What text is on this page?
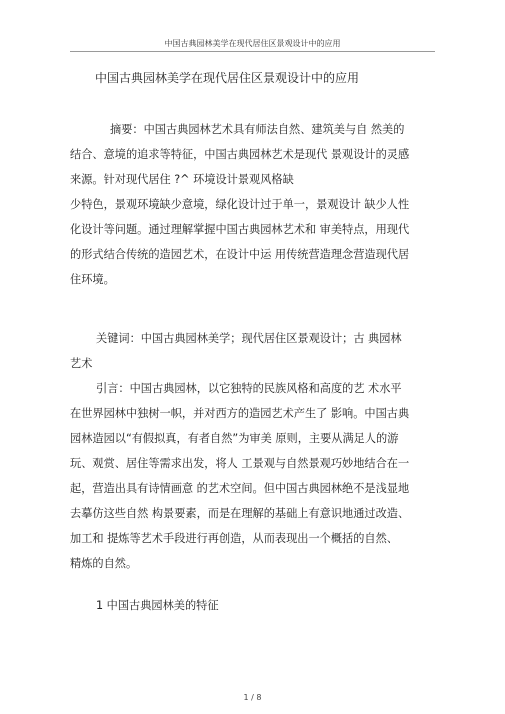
中国古典园林美学在现代居住区景观设计中的应用
中国古典园林美学在现代居住区景观设计中的应用
摘要：中国古典园林艺术具有师法自然、建筑美与自 然美的
结合、意境的追求等特征，中国古典园林艺术是现代 景观设计的灵感
来源。针对现代居住 ?^ 环境设计景观风格缺
少特色，景观环境缺少意境，绿化设计过于单一，景观设计 缺少人性
化设计等问题。通过理解掌握中国古典园林艺术和 审美特点，用现代
的形式结合传统的造园艺术，在设计中运 用传统营造理念营造现代居
住环境。
关键词：中国古典园林美学；现代居住区景观设计；古 典园林
艺术
引言：中国古典园林，以它独特的民族风格和高度的艺 术水平
在世界园林中独树一帜，并对西方的造园艺术产生了 影响。中国古典
园林造园以“有假拟真，有者自然”为审美 原则，主要从满足人的游
玩、观赏、居住等需求出发，将人 工景观与自然景观巧妙地结合在一
起，营造出具有诗情画意 的艺术空间。但中国古典园林绝不是浅显地
去摹仿这些自然 构景要素，而是在理解的基础上有意识地通过改造、
加工和 提炼等艺术手段进行再创造，从而表现出一个概括的自然、
精炼的自然。
1 中国古典园林美的特征
1 / 8
